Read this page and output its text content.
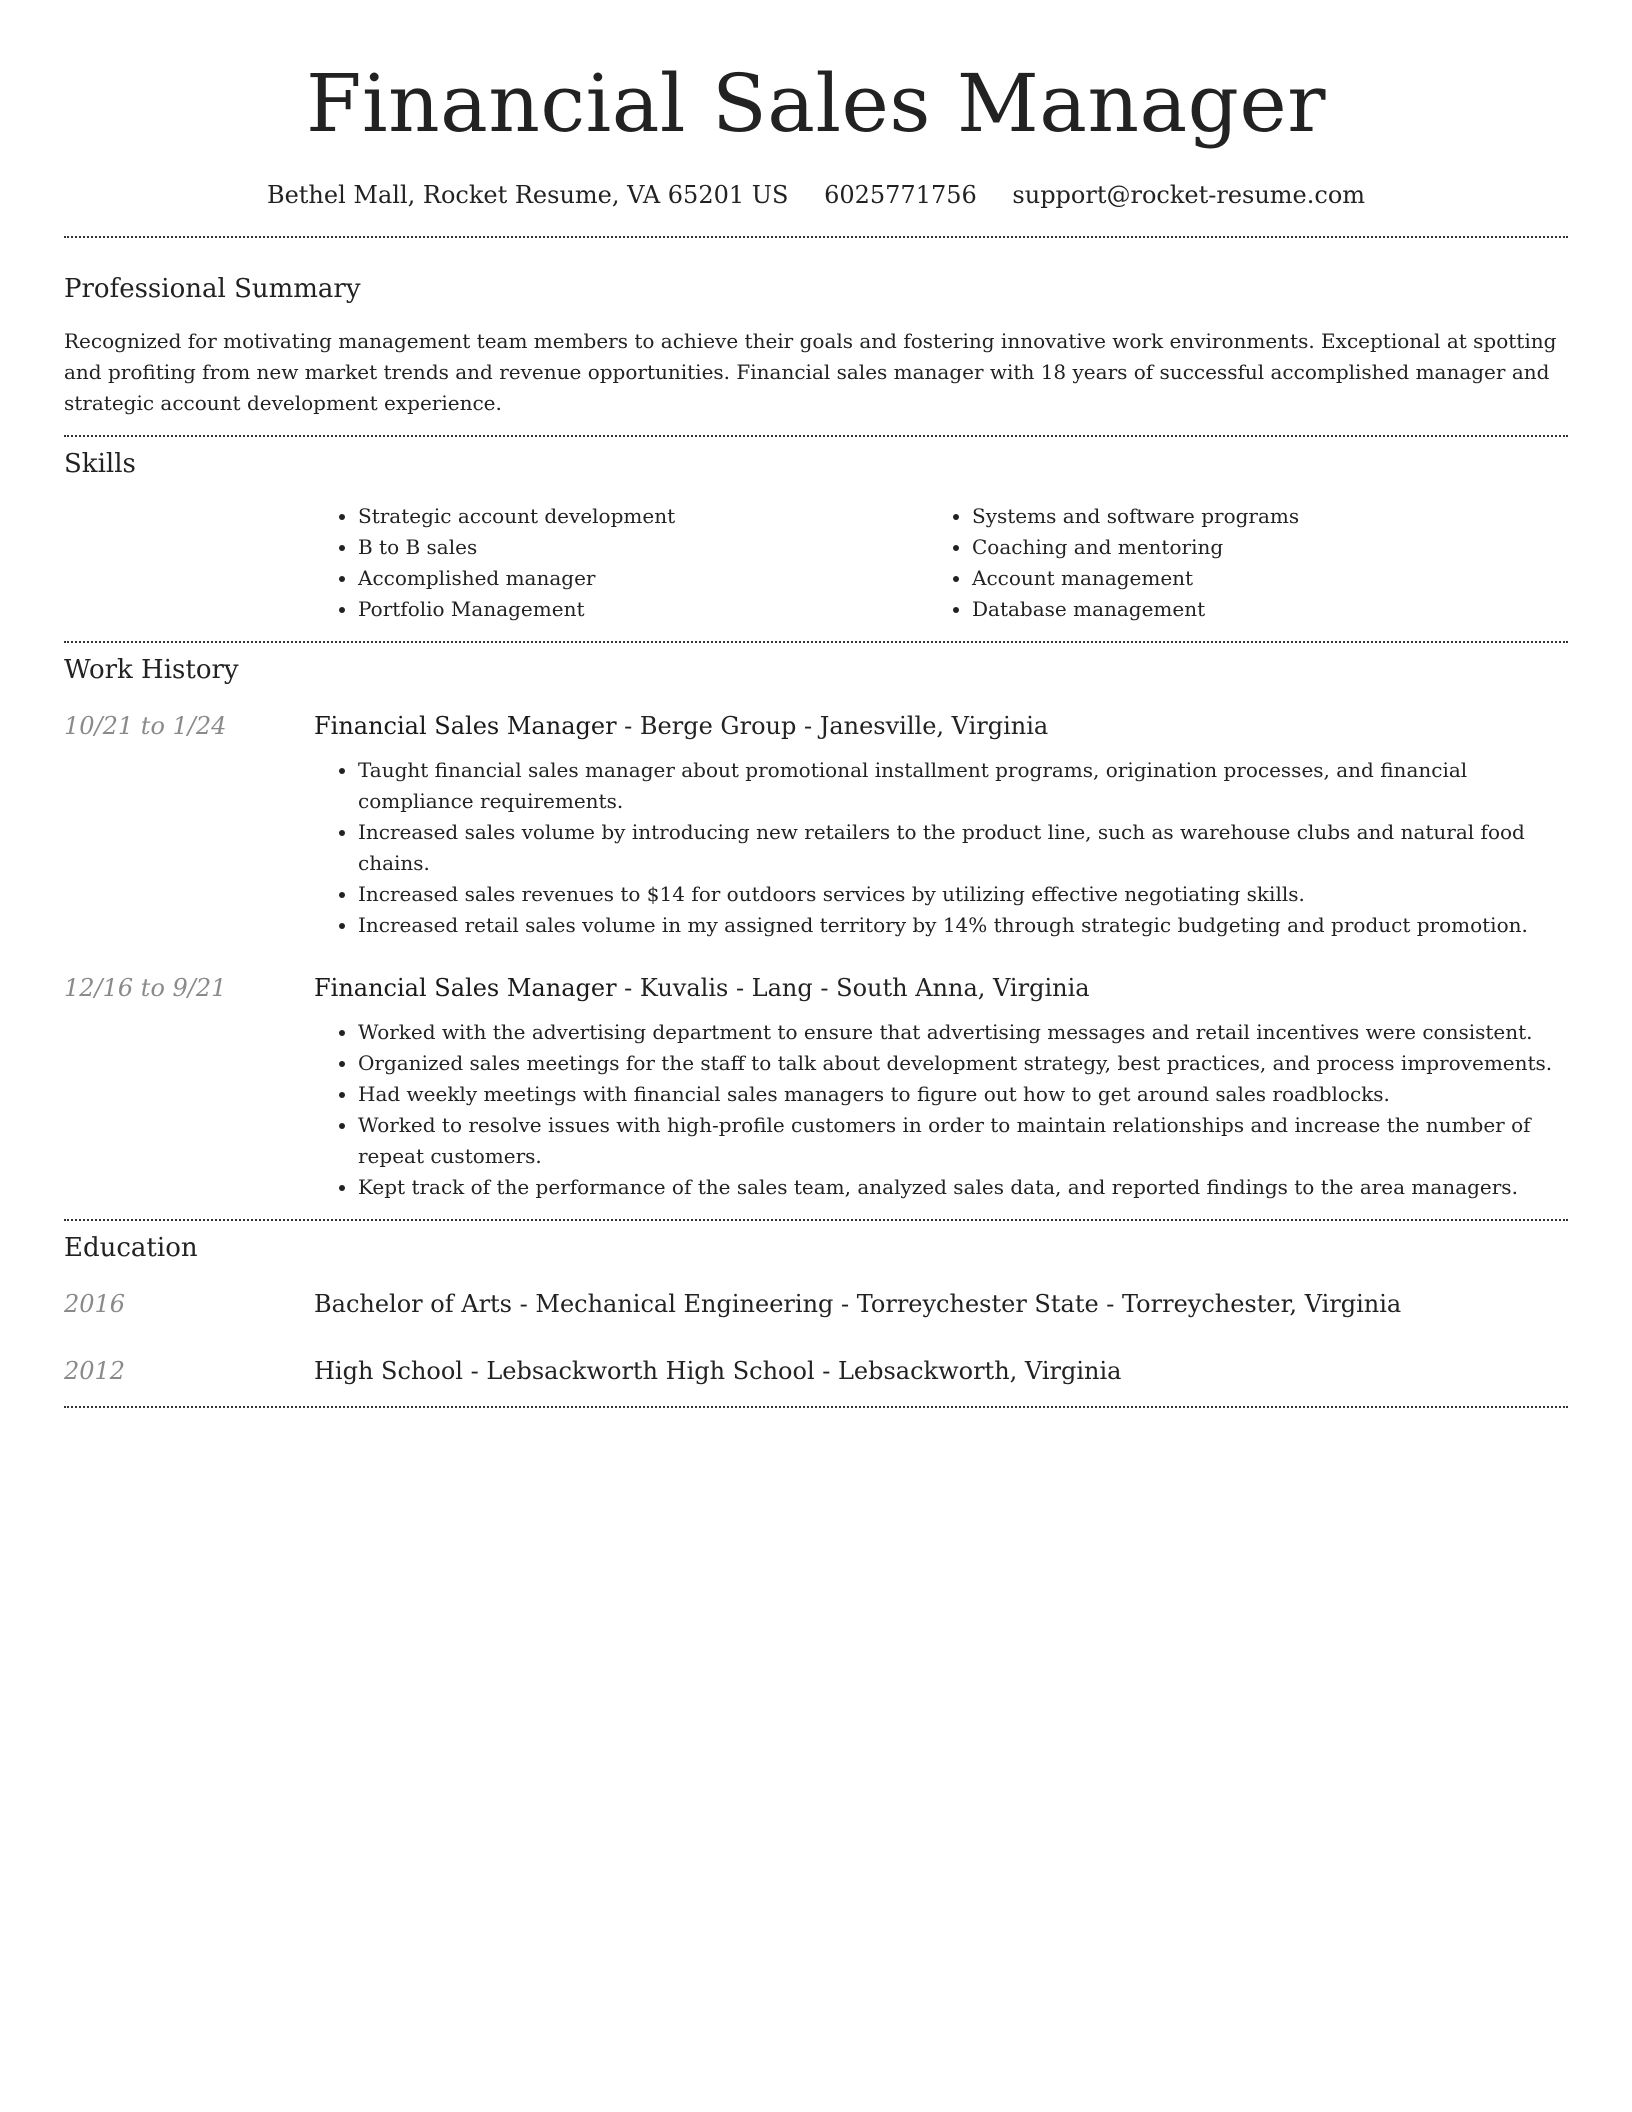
Financial Sales Manager
Bethel Mall, Rocket Resume, VA 65201 US 6025771756 support@rocket-resume.com
Professional Summary

Recognized for motivating management team members to achieve their goals and fostering innovative work environments. Exceptional at spotting and profiting from new market trends and revenue opportunities. Financial sales manager with 18 years of successful accomplished manager and strategic account development experience.

Skills
• Strategic account development
• B to B sales
• Accomplished manager
• Portfolio Management
• Systems and software programs
• Coaching and mentoring
• Account management
• Database management
Work History
10/21 to 1/24	Financial Sales Manager - Berge Group - Janesville, Virginia
• Taught financial sales manager about promotional installment programs, origination processes, and financial compliance requirements.
• Increased sales volume by introducing new retailers to the product line, such as warehouse clubs and natural food chains.
• Increased sales revenues to $14 for outdoors services by utilizing effective negotiating skills.
• Increased retail sales volume in my assigned territory by 14% through strategic budgeting and product promotion.
12/16 to 9/21	Financial Sales Manager - Kuvalis - Lang - South Anna, Virginia
• Worked with the advertising department to ensure that advertising messages and retail incentives were consistent.
• Organized sales meetings for the staff to talk about development strategy, best practices, and process improvements.
• Had weekly meetings with financial sales managers to figure out how to get around sales roadblocks.
• Worked to resolve issues with high-profile customers in order to maintain relationships and increase the number of repeat customers.
• Kept track of the performance of the sales team, analyzed sales data, and reported findings to the area managers.
Education
2016	Bachelor of Arts - Mechanical Engineering - Torreychester State - Torreychester, Virginia
2012	High School - Lebsackworth High School - Lebsackworth, Virginia
